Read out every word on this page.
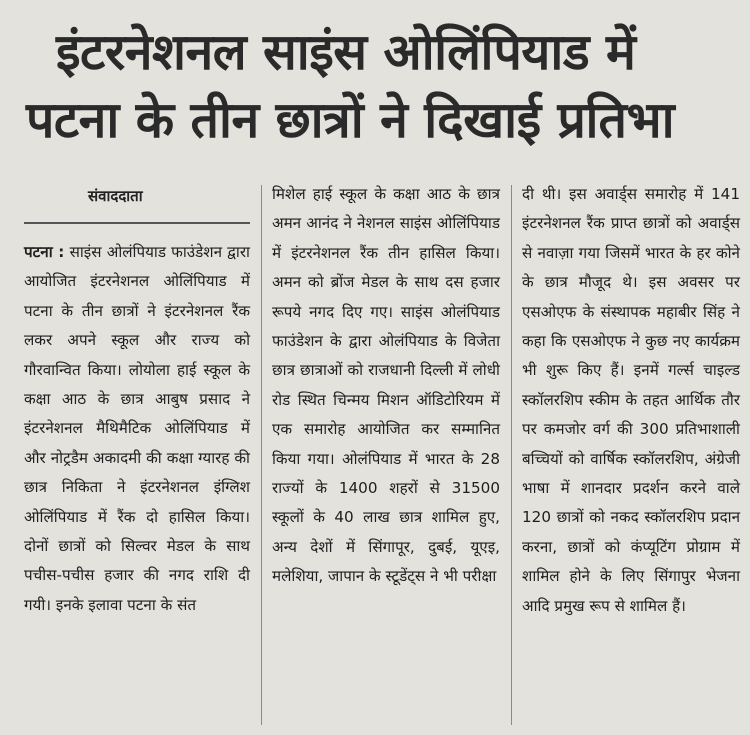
इंटरनेशनल साइंस ओलिंपियाड में
पटना के तीन छात्रों ने दिखाई प्रतिभा
संवाददाता

पटना : साइंस ओलंपियाड फाउंडेशन द्वारा आयोजित इंटरनेशनल ओलिंपियाड में पटना के तीन छात्रों ने इंटरनेशनल रैंक लकर अपने स्कूल और राज्य को गौरवान्वित किया। लोयोला हाई स्कूल के कक्षा आठ के छात्र आबुष प्रसाद ने इंटरनेशनल मैथिमैटिक ओलिंपियाड में और नोट्रडैम अकादमी की कक्षा ग्यारह की छात्र निकिता ने इंटरनेशनल इंग्लिश ओलिंपियाड में रैंक दो हासिल किया। दोनों छात्रों को सिल्वर मेडल के साथ पचीस-पचीस हजार की नगद राशि दी गयी। इनके इलावा पटना के संत

मिशेल हाई स्कूल के कक्षा आठ के छात्र अमन आनंद ने नेशनल साइंस ओलिंपियाड में इंटरनेशनल रैंक तीन हासिल किया। अमन को ब्रोंज मेडल के साथ दस हजार रूपये नगद दिए गए। साइंस ओलंपियाड फाउंडेशन के द्वारा ओलंपियाड के विजेता छात्र छात्राओं को राजधानी दिल्ली में लोधी रोड स्थित चिन्मय मिशन ऑडिटोरियम में एक समारोह आयोजित कर सम्मानित किया गया। ओलंपियाड में भारत के 28 राज्यों के 1400 शहरों से 31500 स्कूलों के 40 लाख छात्र शामिल हुए, अन्य देशों में सिंगापूर, दुबई, यूएइ, मलेशिया, जापान के स्टूडेंट्स ने भी परीक्षा

दी थी। इस अवार्ड्स समारोह में 141 इंटरनेशनल रैंक प्राप्त छात्रों को अवार्ड्स से नवाज़ा गया जिसमें भारत के हर कोने के छात्र मौजूद थे। इस अवसर पर एसओएफ के संस्थापक महाबीर सिंह ने कहा कि एसओएफ ने कुछ नए कार्यक्रम भी शुरू किए हैं। इनमें गर्ल्स चाइल्ड स्कॉलरशिप स्कीम के तहत आर्थिक तौर पर कमजोर वर्ग की 300 प्रतिभाशाली बच्चियों को वार्षिक स्कॉलरशिप, अंग्रेजी भाषा में शानदार प्रदर्शन करने वाले 120 छात्रों को नकद स्कॉलरशिप प्रदान करना, छात्रों को कंप्यूटिंग प्रोग्राम में शामिल होने के लिए सिंगापुर भेजना आदि प्रमुख रूप से शामिल हैं।
